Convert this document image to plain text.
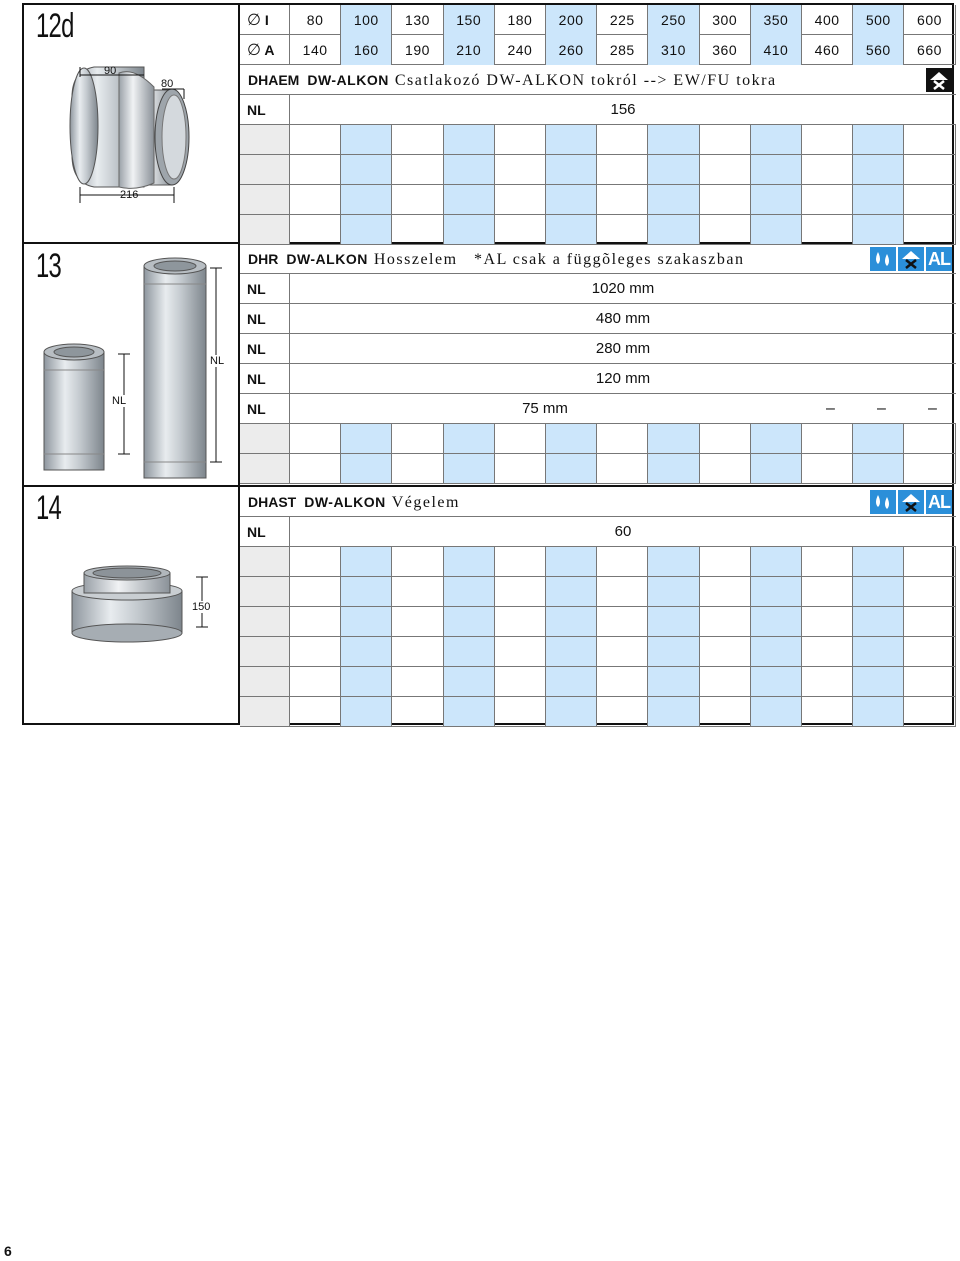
12d
13
14
90
80
216
NL
NL
150
∅ I	80	100	130	150	180	200	225	250	300	350	400	500	600
∅ A	140	160	190	210	240	260	285	310	360	410	460	560	660
DHAEM DW-ALKON Csatlakozó DW-ALKON tokról --> EW/FU tokra
NL	156
DHR DW-ALKON Hosszelem   *AL csak a függõleges szakaszban	AL
NL	1020 mm
NL	480 mm
NL	280 mm
NL	120 mm
NL	75 mm	–	–	–
DHAST DW-ALKON Végelem	AL
NL	60
6
